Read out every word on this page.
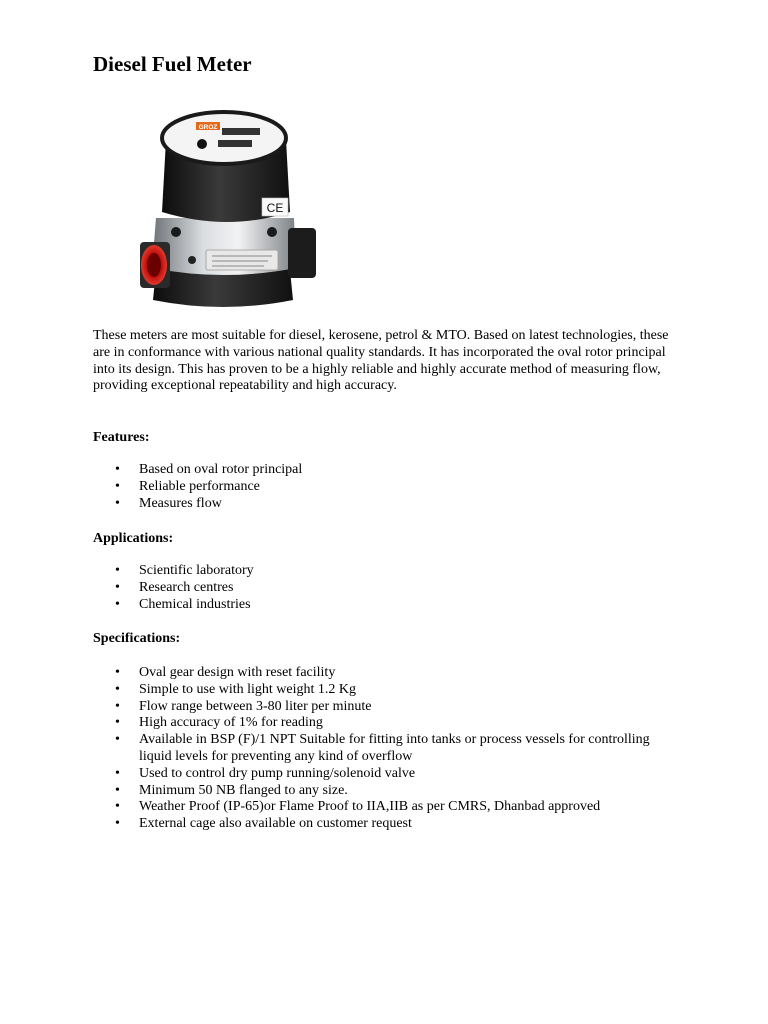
Diesel Fuel Meter
GROZ
CE

These meters are most suitable for diesel, kerosene, petrol & MTO. Based on latest technologies, these are in conformance with various national quality standards. It has incorporated the oval rotor principal into its design. This has proven to be a highly reliable and highly accurate method of measuring flow, providing exceptional repeatability and high accuracy.

Features:
• Based on oval rotor principal
• Reliable performance
• Measures flow
Applications:
• Scientific laboratory
• Research centres
• Chemical industries
Specifications:
• Oval gear design with reset facility
• Simple to use with light weight 1.2 Kg
• Flow range between 3-80 liter per minute
• High accuracy of 1% for reading
• Available in BSP (F)/1 NPT Suitable for fitting into tanks or process vessels for controlling liquid levels for preventing any kind of overflow
• Used to control dry pump running/solenoid valve
• Minimum 50 NB flanged to any size.
• Weather Proof (IP-65)or Flame Proof to IIA,IIB as per CMRS, Dhanbad approved
• External cage also available on customer request
